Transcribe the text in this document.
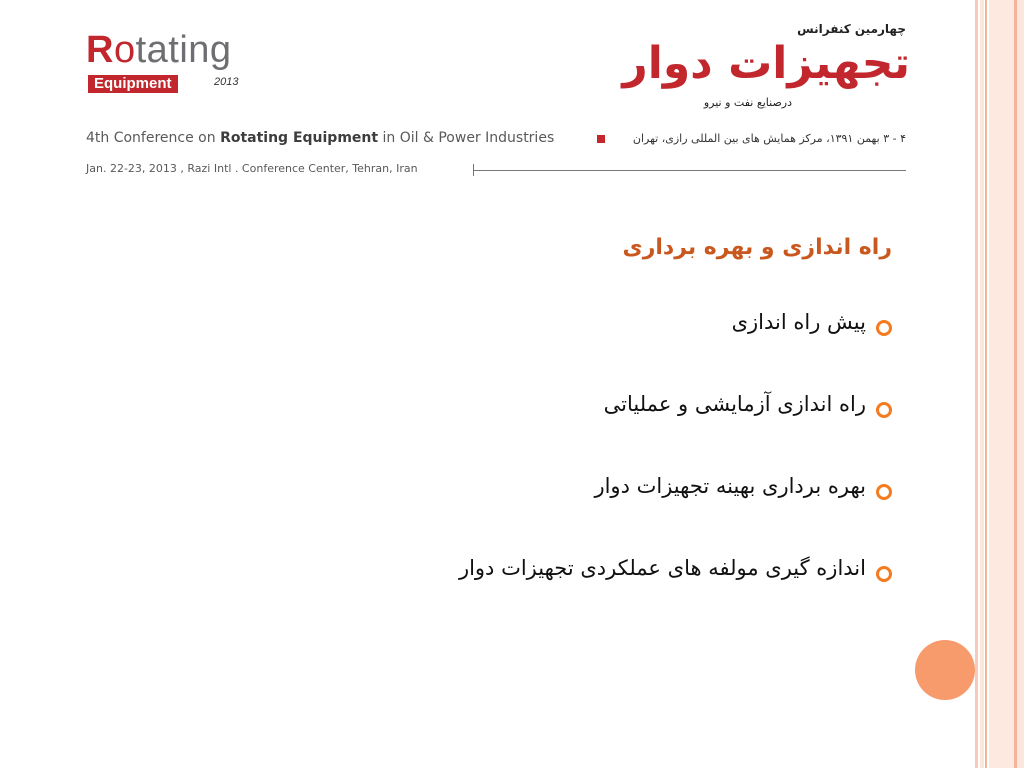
Rotating
Equipment	2013
چهارمین کنفرانس
تجهیزات دوار
درصنایع نفت و نیرو
4th Conference on Rotating Equipment in Oil & Power Industries	۴ - ۳ بهمن ۱۳۹۱، مرکز همایش های بین المللی رازی، تهران
Jan. 22-23, 2013 , Razi Intl . Conference Center, Tehran, Iran
راه اندازی و بهره برداری
پیش راه اندازی
راه اندازی آزمایشی و عملیاتی
بهره برداری بهینه تجهیزات دوار
اندازه گیری مولفه های عملکردی تجهیزات دوار
